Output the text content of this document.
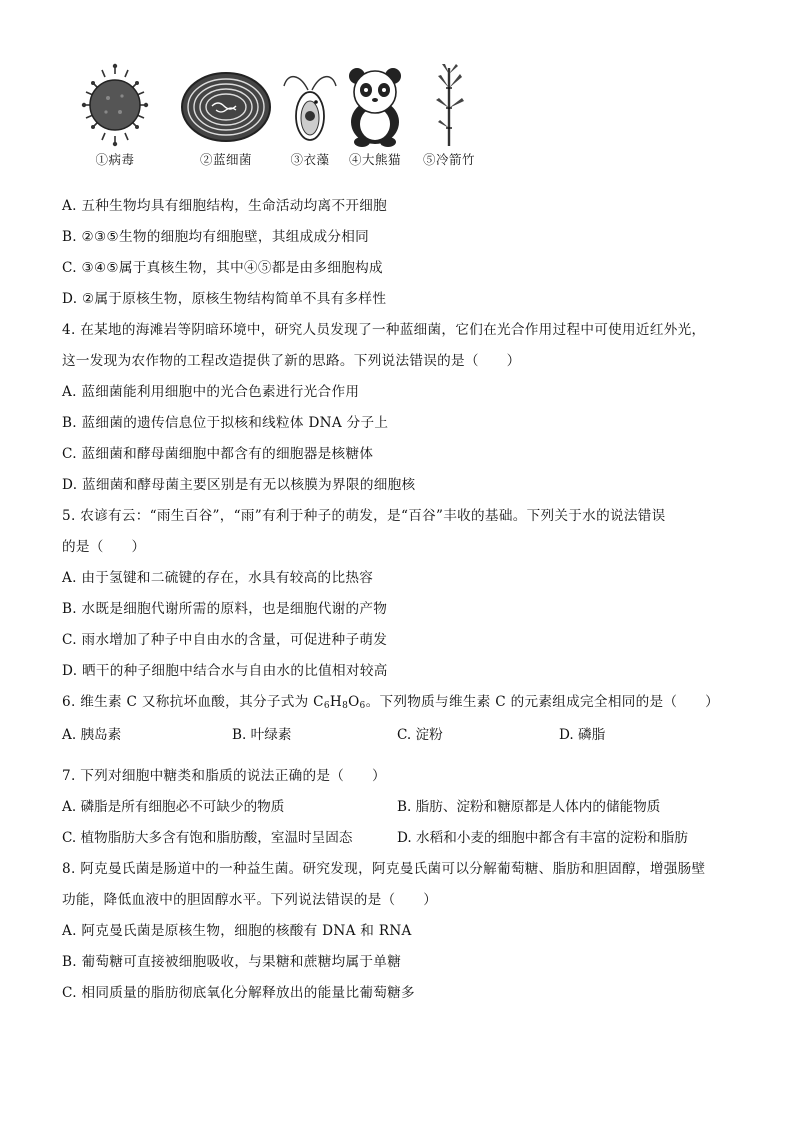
①病毒	②蓝细菌	③衣藻	④大熊猫	⑤冷箭竹
A. 五种生物均具有细胞结构，生命活动均离不开细胞
B. ②③⑤生物的细胞均有细胞壁，其组成成分相同
C. ③④⑤属于真核生物，其中④⑤都是由多细胞构成
D. ②属于原核生物，原核生物结构简单不具有多样性
4. 在某地的海滩岩等阴暗环境中，研究人员发现了一种蓝细菌，它们在光合作用过程中可使用近红外光，
这一发现为农作物的工程改造提供了新的思路。下列说法错误的是（　　）
A. 蓝细菌能利用细胞中的光合色素进行光合作用
B. 蓝细菌的遗传信息位于拟核和线粒体 DNA 分子上
C. 蓝细菌和酵母菌细胞中都含有的细胞器是核糖体
D. 蓝细菌和酵母菌主要区别是有无以核膜为界限的细胞核
5. 农谚有云：“雨生百谷”，“雨”有利于种子的萌发，是“百谷”丰收的基础。下列关于水的说法错误
的是（　　）
A. 由于氢键和二硫键的存在，水具有较高的比热容
B. 水既是细胞代谢所需的原料，也是细胞代谢的产物
C. 雨水增加了种子中自由水的含量，可促进种子萌发
D. 晒干的种子细胞中结合水与自由水的比值相对较高
6. 维生素 C 又称抗坏血酸，其分子式为 $C_6H_8O_6$。下列物质与维生素 C 的元素组成完全相同的是（　　）
A. 胰岛素	B. 叶绿素	C. 淀粉	D. 磷脂
7. 下列对细胞中糖类和脂质的说法正确的是（　　）
A. 磷脂是所有细胞必不可缺少的物质	B. 脂肪、淀粉和糖原都是人体内的储能物质
C. 植物脂肪大多含有饱和脂肪酸，室温时呈固态	D. 水稻和小麦的细胞中都含有丰富的淀粉和脂肪
8. 阿克曼氏菌是肠道中的一种益生菌。研究发现，阿克曼氏菌可以分解葡萄糖、脂肪和胆固醇，增强肠壁
功能，降低血液中的胆固醇水平。下列说法错误的是（　　）
A. 阿克曼氏菌是原核生物，细胞的核酸有 DNA 和 RNA
B. 葡萄糖可直接被细胞吸收，与果糖和蔗糖均属于单糖
C. 相同质量的脂肪彻底氧化分解释放出的能量比葡萄糖多
